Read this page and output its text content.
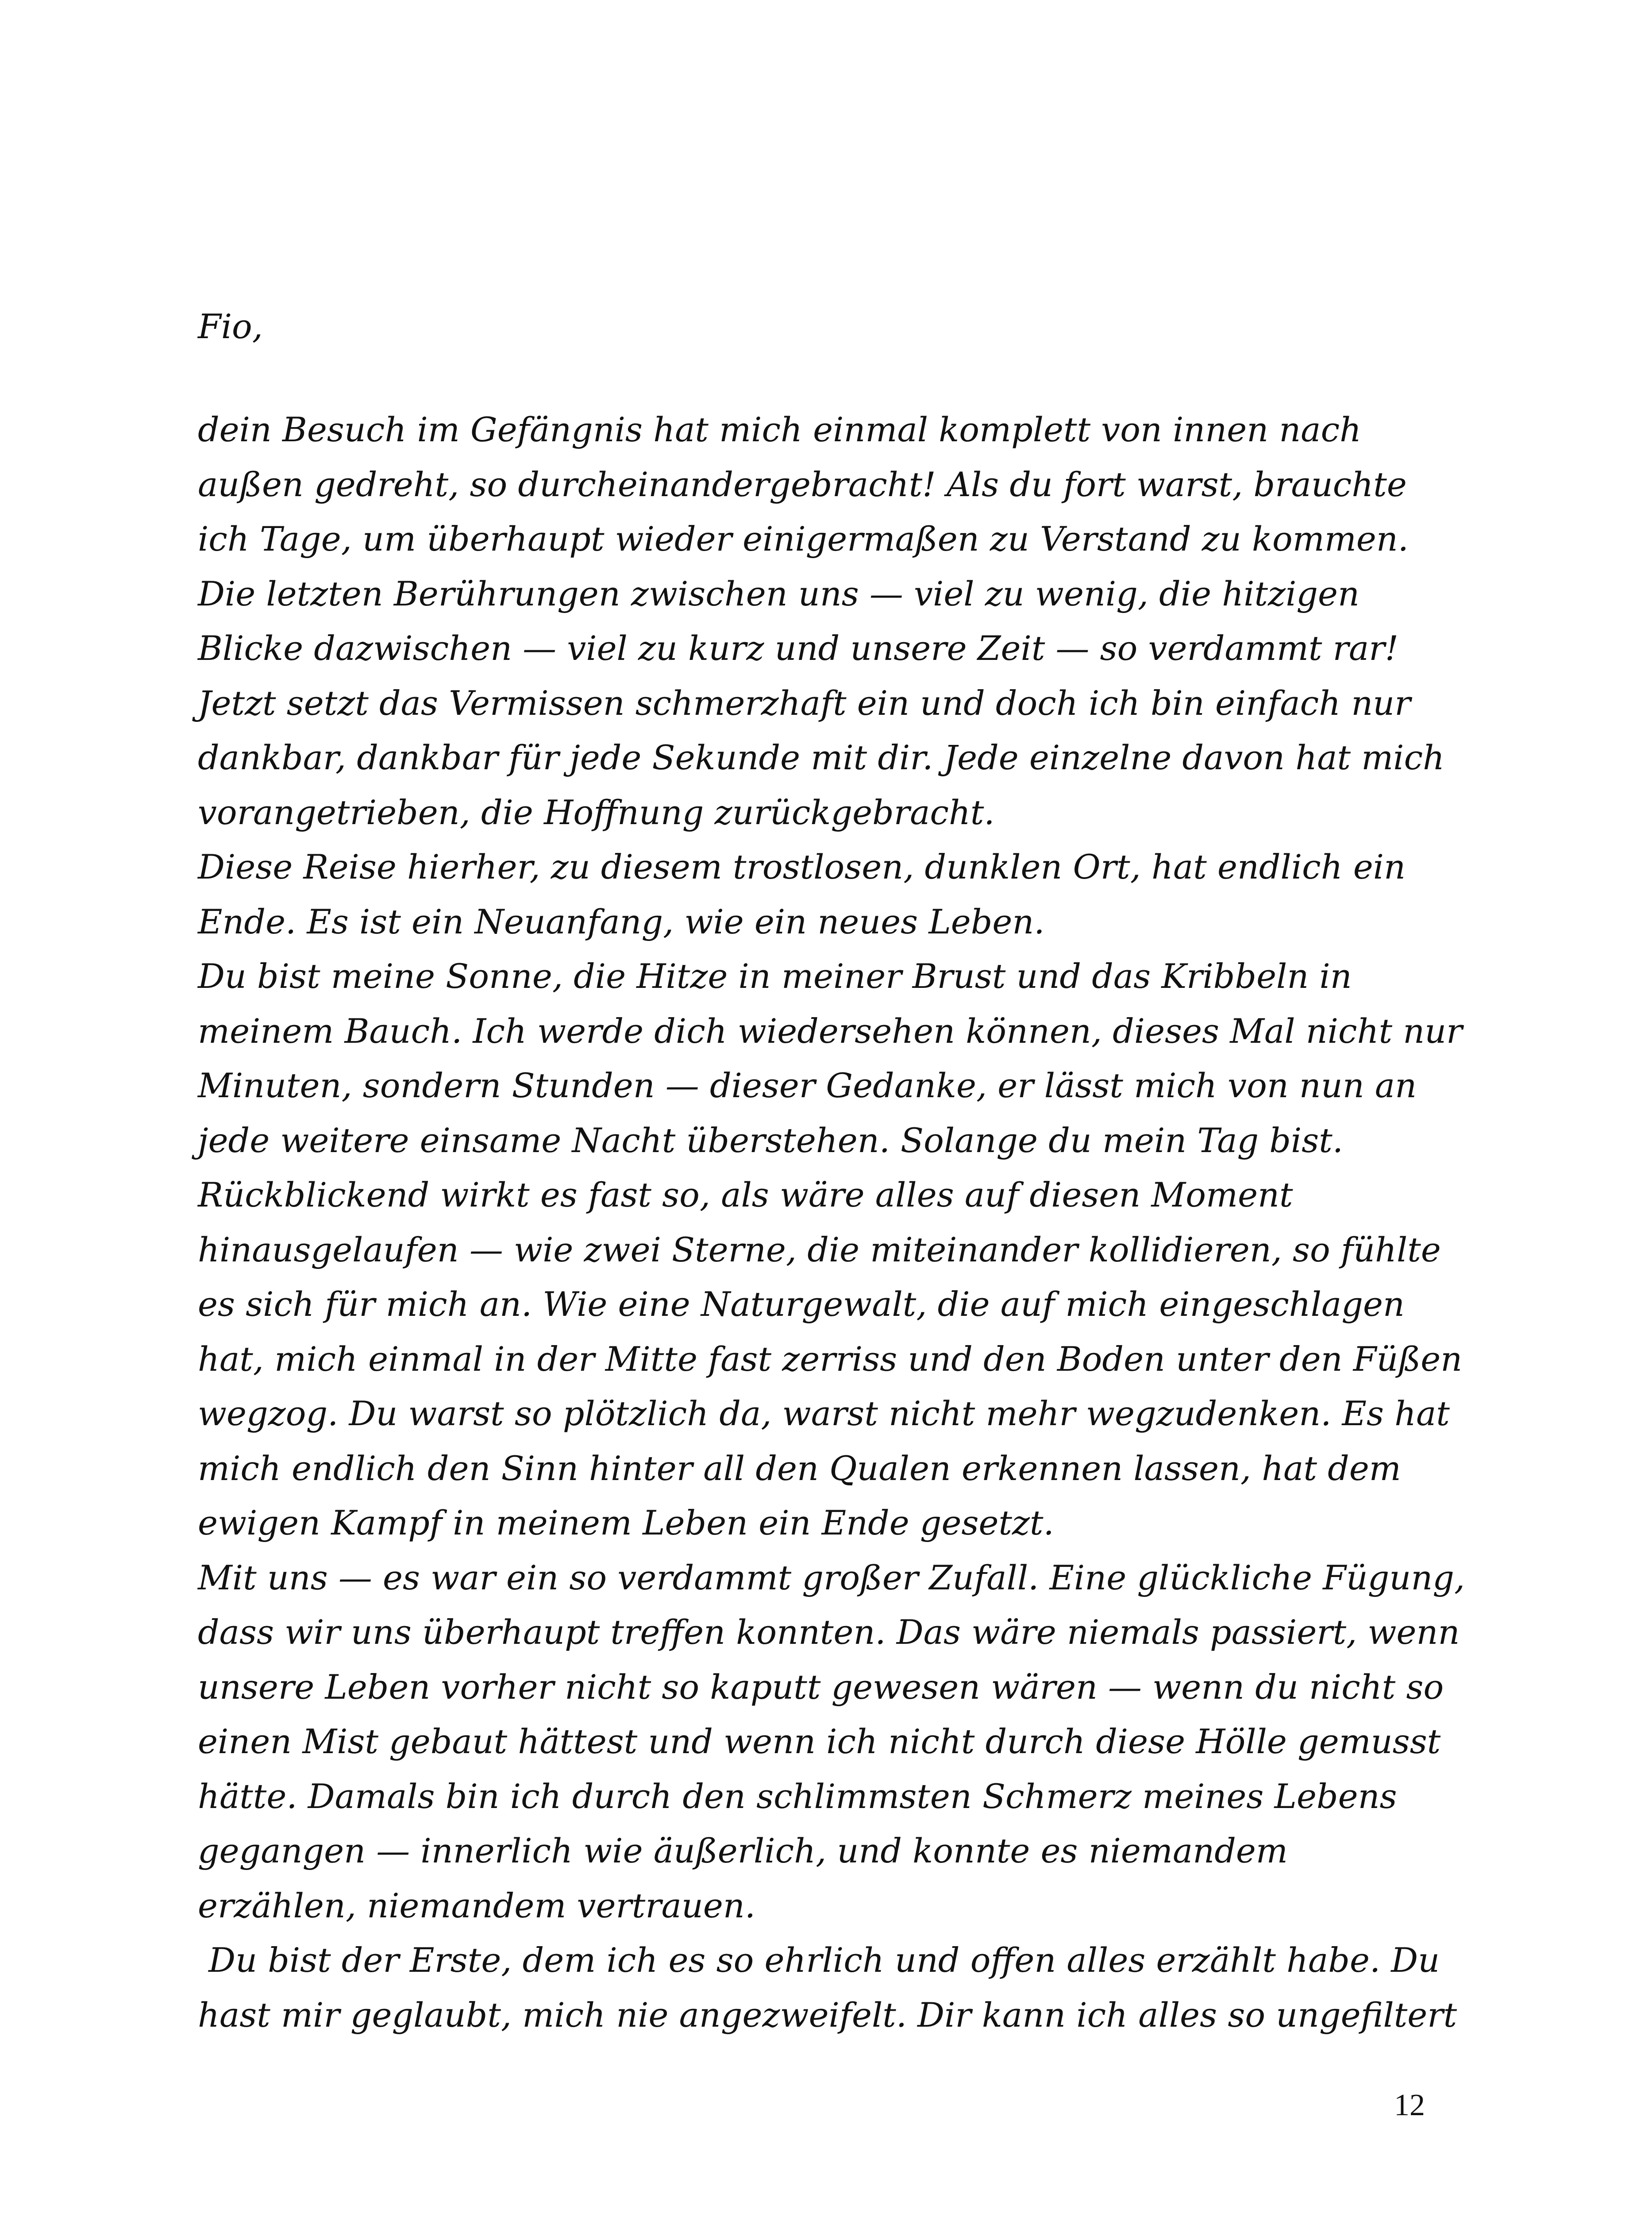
Fio,

dein Besuch im Gefängnis hat mich einmal komplett von innen nach
außen gedreht, so durcheinandergebracht! Als du fort warst, brauchte
ich Tage, um überhaupt wieder einigermaßen zu Verstand zu kommen.
Die letzten Berührungen zwischen uns — viel zu wenig, die hitzigen
Blicke dazwischen — viel zu kurz und unsere Zeit — so verdammt rar!
Jetzt setzt das Vermissen schmerzhaft ein und doch ich bin einfach nur
dankbar, dankbar für jede Sekunde mit dir. Jede einzelne davon hat mich
vorangetrieben, die Hoffnung zurückgebracht.
Diese Reise hierher, zu diesem trostlosen, dunklen Ort, hat endlich ein
Ende. Es ist ein Neuanfang, wie ein neues Leben.
Du bist meine Sonne, die Hitze in meiner Brust und das Kribbeln in
meinem Bauch. Ich werde dich wiedersehen können, dieses Mal nicht nur
Minuten, sondern Stunden — dieser Gedanke, er lässt mich von nun an
jede weitere einsame Nacht überstehen. Solange du mein Tag bist.
Rückblickend wirkt es fast so, als wäre alles auf diesen Moment
hinausgelaufen — wie zwei Sterne, die miteinander kollidieren, so fühlte
es sich für mich an. Wie eine Naturgewalt, die auf mich eingeschlagen
hat, mich einmal in der Mitte fast zerriss und den Boden unter den Füßen
wegzog. Du warst so plötzlich da, warst nicht mehr wegzudenken. Es hat
mich endlich den Sinn hinter all den Qualen erkennen lassen, hat dem
ewigen Kampf in meinem Leben ein Ende gesetzt.
Mit uns — es war ein so verdammt großer Zufall. Eine glückliche Fügung,
dass wir uns überhaupt treffen konnten. Das wäre niemals passiert, wenn
unsere Leben vorher nicht so kaputt gewesen wären — wenn du nicht so
einen Mist gebaut hättest und wenn ich nicht durch diese Hölle gemusst
hätte. Damals bin ich durch den schlimmsten Schmerz meines Lebens
gegangen — innerlich wie äußerlich, und konnte es niemandem
erzählen, niemandem vertrauen.
Du bist der Erste, dem ich es so ehrlich und offen alles erzählt habe. Du
hast mir geglaubt, mich nie angezweifelt. Dir kann ich alles so ungefiltert

12
